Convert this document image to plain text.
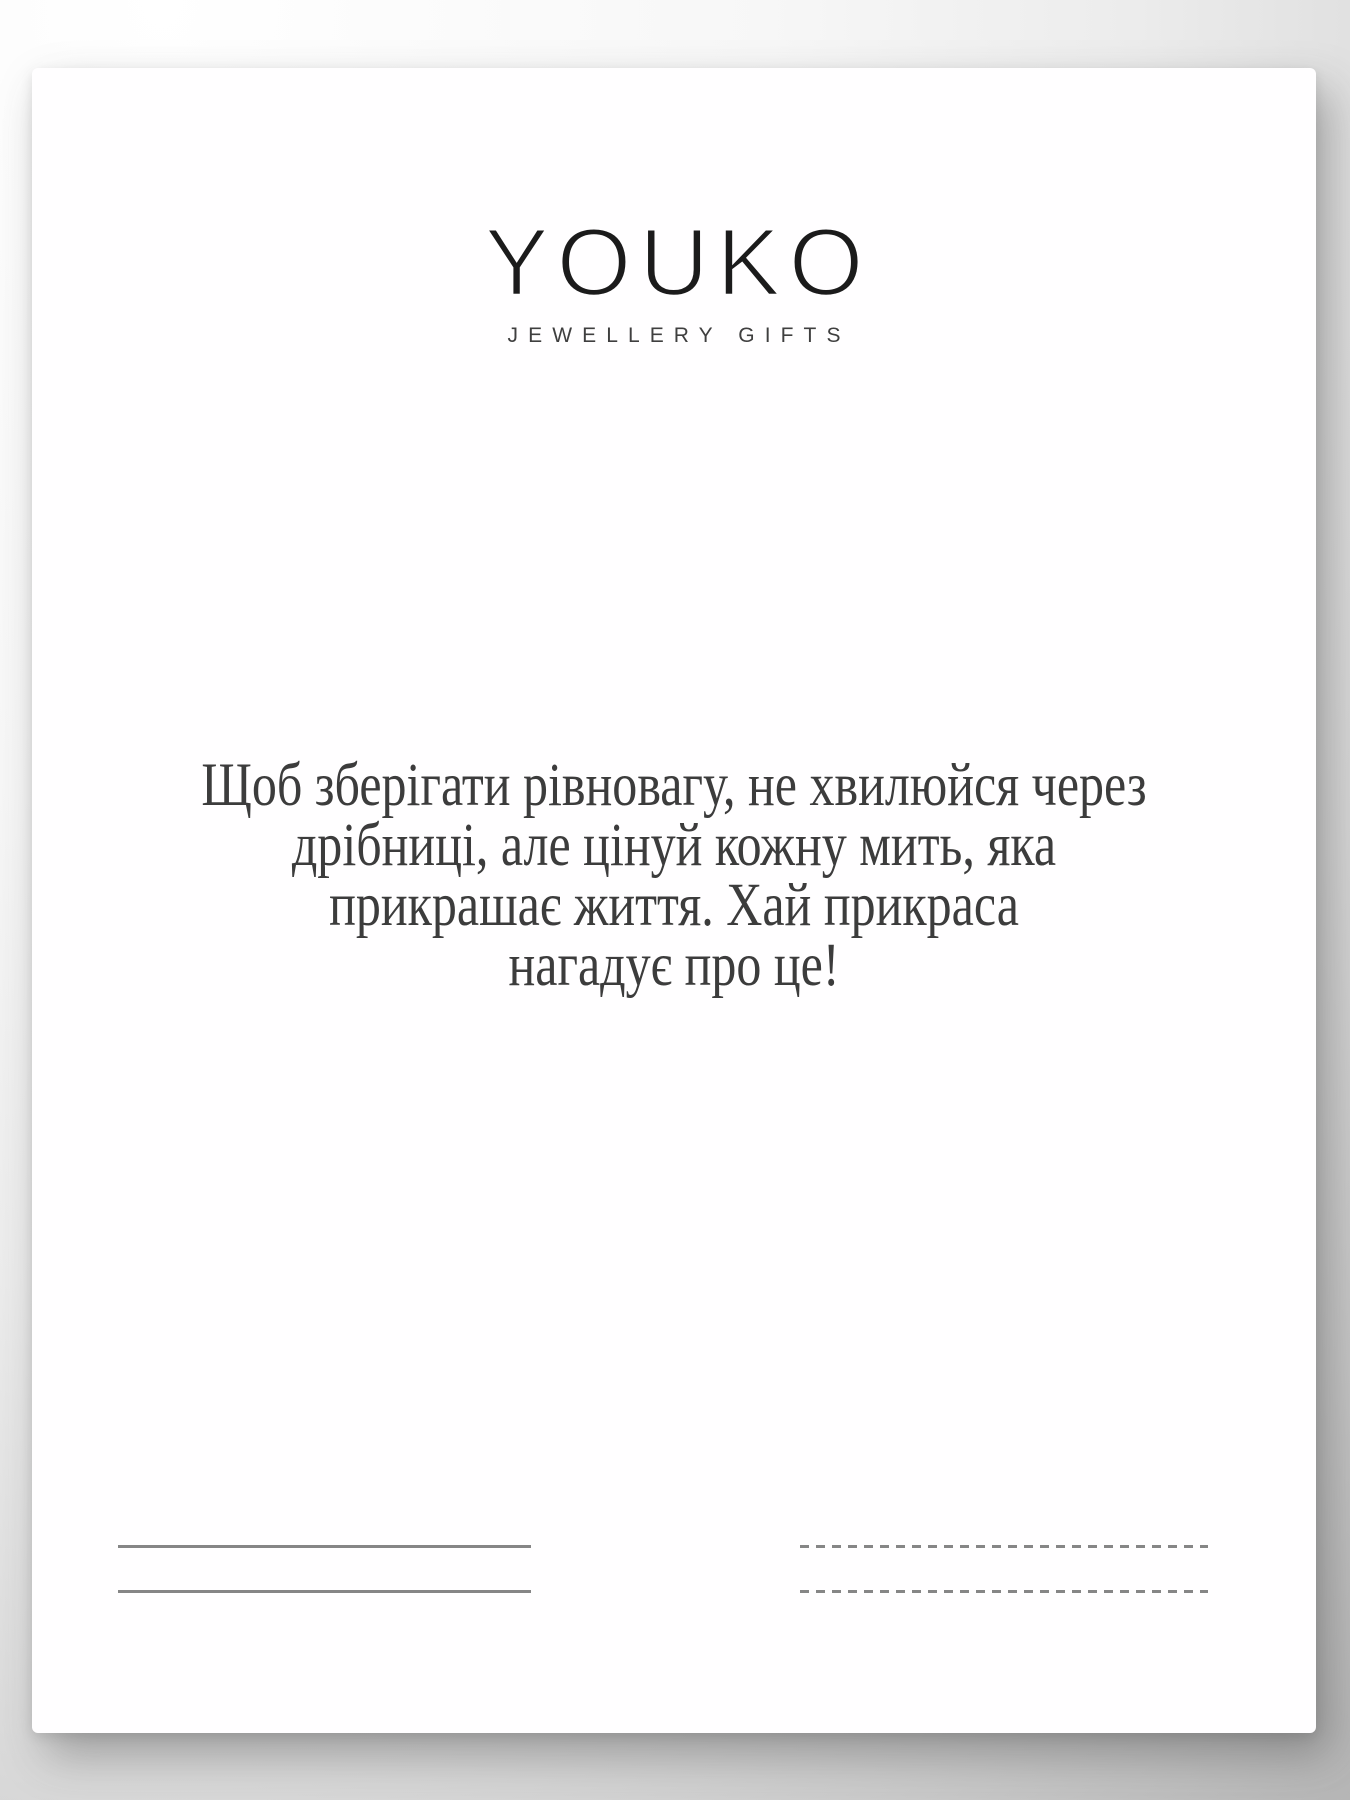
YOUKO
JEWELLERY GIFTS
Щоб зберігати рівновагу, не хвилюйся через
дрібниці, але цінуй кожну мить, яка
прикрашає життя. Хай прикраса
нагадує про це!
